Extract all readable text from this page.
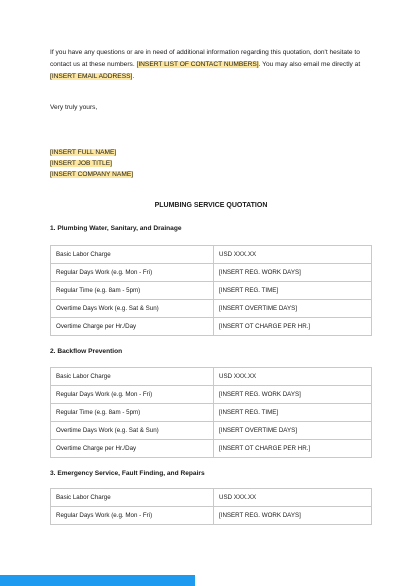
If you have any questions or are in need of additional information regarding this quotation, don't hesitate to contact us at these numbers. [INSERT LIST OF CONTACT NUMBERS]. You may also email me directly at [INSERT EMAIL ADDRESS].

Very truly yours,
[INSERT FULL NAME]
[INSERT JOB TITLE]
[INSERT COMPANY NAME]
PLUMBING SERVICE QUOTATION
1. Plumbing Water, Sanitary, and Drainage
Basic Labor Charge	USD XXX.XX
Regular Days Work (e.g. Mon - Fri)	[INSERT REG. WORK DAYS]
Regular Time (e.g. 8am - 5pm)	[INSERT REG. TIME]
Overtime Days Work (e.g. Sat & Sun)	[INSERT OVERTIME DAYS]
Overtime Charge per Hr./Day	[INSERT OT CHARGE PER HR.]
2. Backflow Prevention
Basic Labor Charge	USD XXX.XX
Regular Days Work (e.g. Mon - Fri)	[INSERT REG. WORK DAYS]
Regular Time (e.g. 8am - 5pm)	[INSERT REG. TIME]
Overtime Days Work (e.g. Sat & Sun)	[INSERT OVERTIME DAYS]
Overtime Charge per Hr./Day	[INSERT OT CHARGE PER HR.]
3. Emergency Service, Fault Finding, and Repairs
Basic Labor Charge	USD XXX.XX
Regular Days Work (e.g. Mon - Fri)	[INSERT REG. WORK DAYS]
